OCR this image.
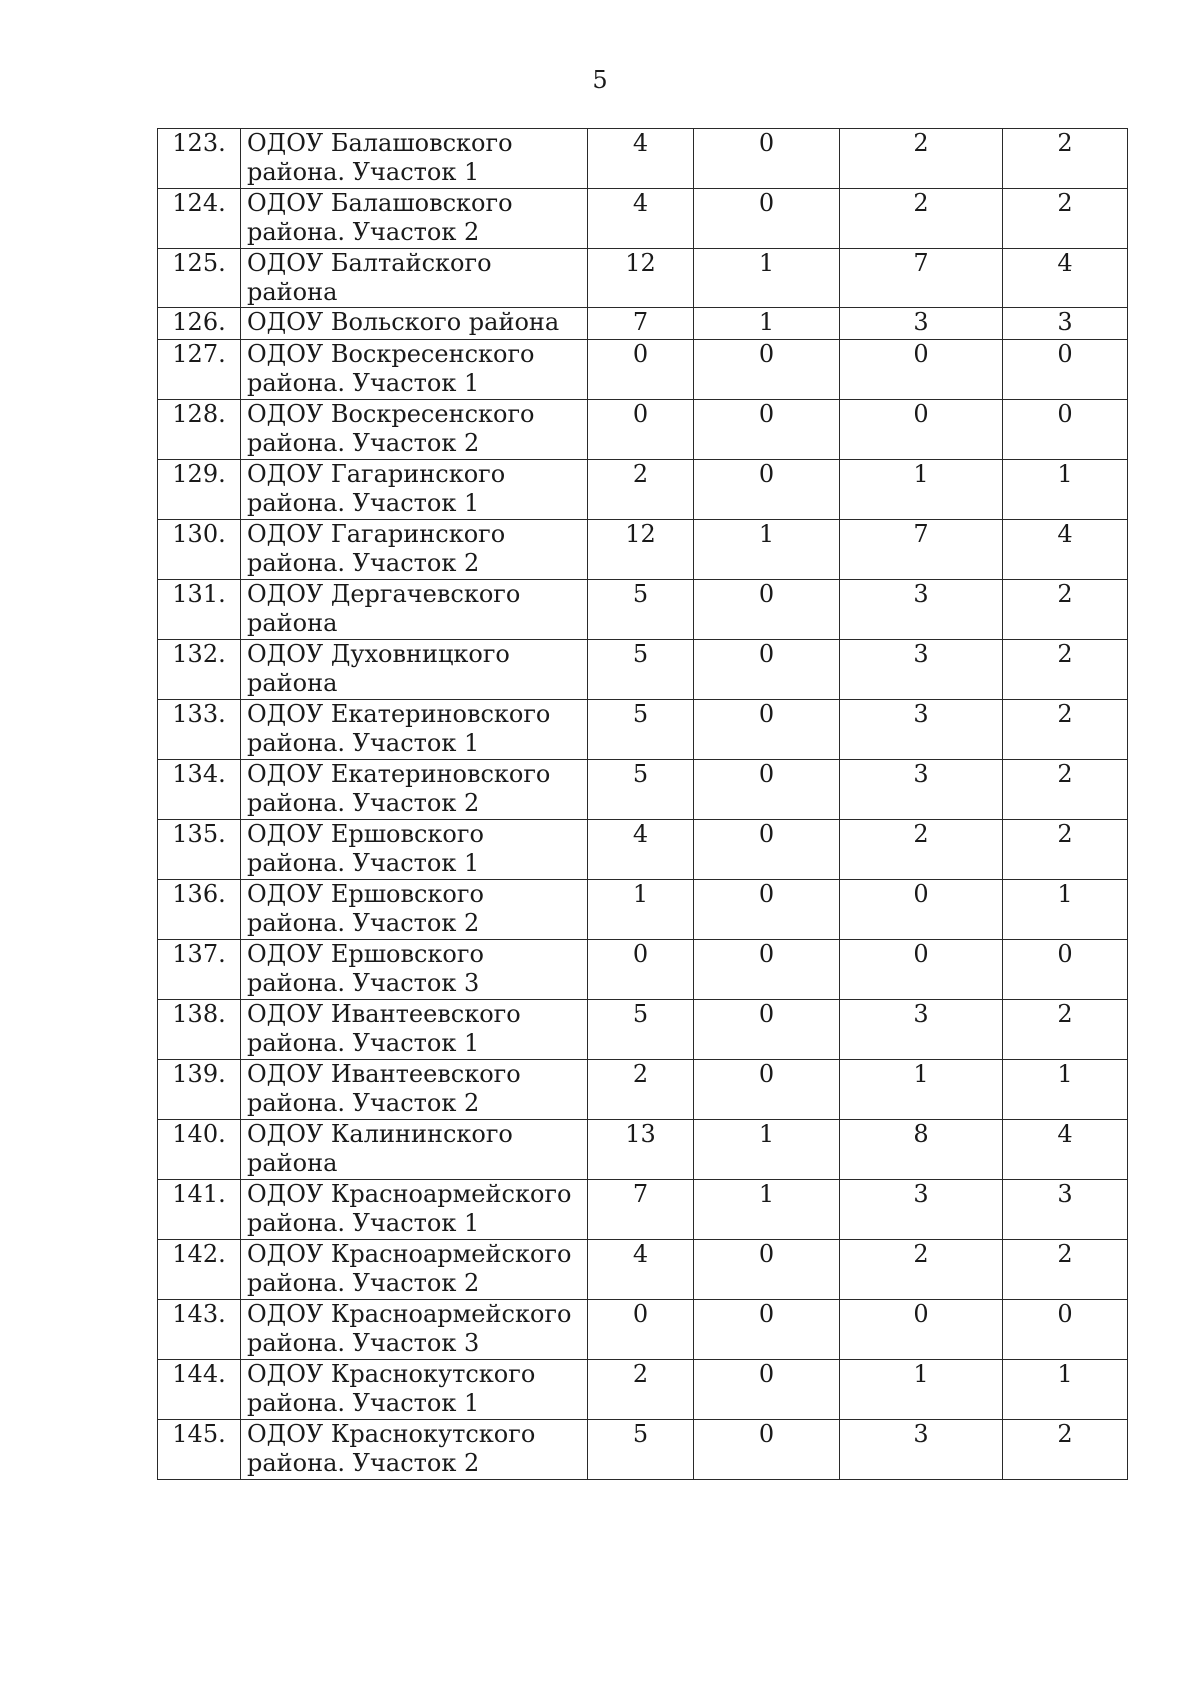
5
123.	ОДОУ Балашовского района. Участок 1	4	0	2	2
124.	ОДОУ Балашовского района. Участок 2	4	0	2	2
125.	ОДОУ Балтайского района	12	1	7	4
126.	ОДОУ Вольского района	7	1	3	3
127.	ОДОУ Воскресенского района. Участок 1	0	0	0	0
128.	ОДОУ Воскресенского района. Участок 2	0	0	0	0
129.	ОДОУ Гагаринского района. Участок 1	2	0	1	1
130.	ОДОУ Гагаринского района. Участок 2	12	1	7	4
131.	ОДОУ Дергачевского района	5	0	3	2
132.	ОДОУ Духовницкого района	5	0	3	2
133.	ОДОУ Екатериновского района. Участок 1	5	0	3	2
134.	ОДОУ Екатериновского района. Участок 2	5	0	3	2
135.	ОДОУ Ершовского района. Участок 1	4	0	2	2
136.	ОДОУ Ершовского района. Участок 2	1	0	0	1
137.	ОДОУ Ершовского района. Участок 3	0	0	0	0
138.	ОДОУ Ивантеевского района. Участок 1	5	0	3	2
139.	ОДОУ Ивантеевского района. Участок 2	2	0	1	1
140.	ОДОУ Калининского района	13	1	8	4
141.	ОДОУ Красноармейского района. Участок 1	7	1	3	3
142.	ОДОУ Красноармейского района. Участок 2	4	0	2	2
143.	ОДОУ Красноармейского района. Участок 3	0	0	0	0
144.	ОДОУ Краснокутского района. Участок 1	2	0	1	1
145.	ОДОУ Краснокутского района. Участок 2	5	0	3	2
